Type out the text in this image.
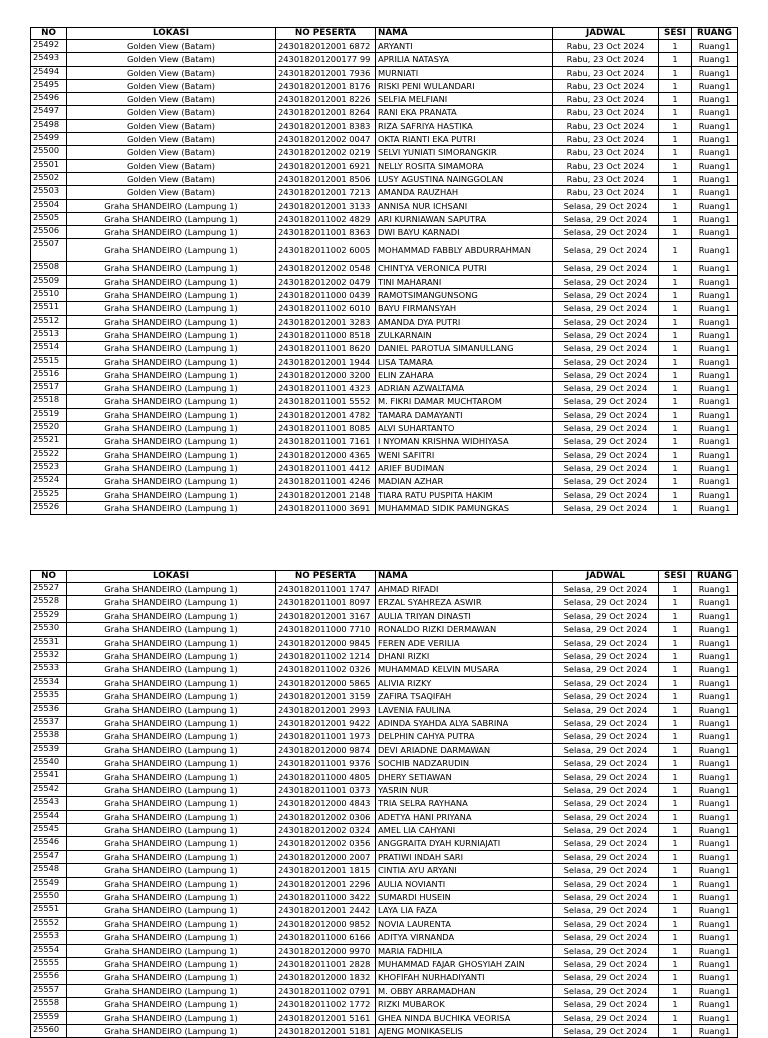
NO	LOKASI	NO PESERTA	NAMA	JADWAL	SESI	RUANG
25492	Golden View (Batam)	2430182012001 6872	ARYANTI	Rabu, 23 Oct 2024	1	Ruang1
25493	Golden View (Batam)	243018201200177 99	APRILIA NATASYA	Rabu, 23 Oct 2024	1	Ruang1
25494	Golden View (Batam)	2430182012001 7936	MURNIATI	Rabu, 23 Oct 2024	1	Ruang1
25495	Golden View (Batam)	2430182012001 8176	RISKI PENI WULANDARI	Rabu, 23 Oct 2024	1	Ruang1
25496	Golden View (Batam)	2430182012001 8226	SELFIA MELFIANI	Rabu, 23 Oct 2024	1	Ruang1
25497	Golden View (Batam)	2430182012001 8264	RANI EKA PRANATA	Rabu, 23 Oct 2024	1	Ruang1
25498	Golden View (Batam)	2430182012001 8383	RIZA SAFRIYA HASTIKA	Rabu, 23 Oct 2024	1	Ruang1
25499	Golden View (Batam)	2430182012002 0047	OKTA RIANTI EKA PUTRI	Rabu, 23 Oct 2024	1	Ruang1
25500	Golden View (Batam)	2430182012002 0219	SELVI YUNIATI SIMORANGKIR	Rabu, 23 Oct 2024	1	Ruang1
25501	Golden View (Batam)	2430182012001 6921	NELLY ROSITA SIMAMORA	Rabu, 23 Oct 2024	1	Ruang1
25502	Golden View (Batam)	2430182012001 8506	LUSY AGUSTINA NAINGGOLAN	Rabu, 23 Oct 2024	1	Ruang1
25503	Golden View (Batam)	2430182012001 7213	AMANDA RAUZHAH	Rabu, 23 Oct 2024	1	Ruang1
25504	Graha SHANDEIRO (Lampung 1)	2430182012001 3133	ANNISA NUR ICHSANI	Selasa, 29 Oct 2024	1	Ruang1
25505	Graha SHANDEIRO (Lampung 1)	2430182011002 4829	ARI KURNIAWAN SAPUTRA	Selasa, 29 Oct 2024	1	Ruang1
25506	Graha SHANDEIRO (Lampung 1)	2430182011001 8363	DWI BAYU KARNADI	Selasa, 29 Oct 2024	1	Ruang1
25507	Graha SHANDEIRO (Lampung 1)	2430182011002 6005	MOHAMMAD FABBLY ABDURRAHMAN	Selasa, 29 Oct 2024	1	Ruang1
25508	Graha SHANDEIRO (Lampung 1)	2430182012002 0548	CHINTYA VERONICA PUTRI	Selasa, 29 Oct 2024	1	Ruang1
25509	Graha SHANDEIRO (Lampung 1)	2430182012002 0479	TINI MAHARANI	Selasa, 29 Oct 2024	1	Ruang1
25510	Graha SHANDEIRO (Lampung 1)	2430182011000 0439	RAMOTSIMANGUNSONG	Selasa, 29 Oct 2024	1	Ruang1
25511	Graha SHANDEIRO (Lampung 1)	2430182011002 6010	BAYU FIRMANSYAH	Selasa, 29 Oct 2024	1	Ruang1
25512	Graha SHANDEIRO (Lampung 1)	2430182012001 3283	AMANDA DYA PUTRI	Selasa, 29 Oct 2024	1	Ruang1
25513	Graha SHANDEIRO (Lampung 1)	2430182011000 8518	ZULKARNAIN	Selasa, 29 Oct 2024	1	Ruang1
25514	Graha SHANDEIRO (Lampung 1)	2430182011001 8620	DANIEL PAROTUA SIMANULLANG	Selasa, 29 Oct 2024	1	Ruang1
25515	Graha SHANDEIRO (Lampung 1)	2430182012001 1944	LISA TAMARA	Selasa, 29 Oct 2024	1	Ruang1
25516	Graha SHANDEIRO (Lampung 1)	2430182012000 3200	ELIN ZAHARA	Selasa, 29 Oct 2024	1	Ruang1
25517	Graha SHANDEIRO (Lampung 1)	2430182011001 4323	ADRIAN AZWALTAMA	Selasa, 29 Oct 2024	1	Ruang1
25518	Graha SHANDEIRO (Lampung 1)	2430182011001 5552	M. FIKRI DAMAR MUCHTAROM	Selasa, 29 Oct 2024	1	Ruang1
25519	Graha SHANDEIRO (Lampung 1)	2430182012001 4782	TAMARA DAMAYANTI	Selasa, 29 Oct 2024	1	Ruang1
25520	Graha SHANDEIRO (Lampung 1)	2430182011001 8085	ALVI SUHARTANTO	Selasa, 29 Oct 2024	1	Ruang1
25521	Graha SHANDEIRO (Lampung 1)	2430182011001 7161	I NYOMAN KRISHNA WIDHIYASA	Selasa, 29 Oct 2024	1	Ruang1
25522	Graha SHANDEIRO (Lampung 1)	2430182012000 4365	WENI SAFITRI	Selasa, 29 Oct 2024	1	Ruang1
25523	Graha SHANDEIRO (Lampung 1)	2430182011001 4412	ARIEF BUDIMAN	Selasa, 29 Oct 2024	1	Ruang1
25524	Graha SHANDEIRO (Lampung 1)	2430182011001 4246	MADIAN AZHAR	Selasa, 29 Oct 2024	1	Ruang1
25525	Graha SHANDEIRO (Lampung 1)	2430182012001 2148	TIARA RATU PUSPITA HAKIM	Selasa, 29 Oct 2024	1	Ruang1
25526	Graha SHANDEIRO (Lampung 1)	2430182011000 3691	MUHAMMAD SIDIK PAMUNGKAS	Selasa, 29 Oct 2024	1	Ruang1
NO	LOKASI	NO PESERTA	NAMA	JADWAL	SESI	RUANG
25527	Graha SHANDEIRO (Lampung 1)	2430182011001 1747	AHMAD RIFADI	Selasa, 29 Oct 2024	1	Ruang1
25528	Graha SHANDEIRO (Lampung 1)	2430182011001 8097	ERZAL SYAHREZA ASWIR	Selasa, 29 Oct 2024	1	Ruang1
25529	Graha SHANDEIRO (Lampung 1)	2430182012001 3167	AULIA TRIYAN DINASTI	Selasa, 29 Oct 2024	1	Ruang1
25530	Graha SHANDEIRO (Lampung 1)	2430182011000 7710	RONALDO RIZKI DERMAWAN	Selasa, 29 Oct 2024	1	Ruang1
25531	Graha SHANDEIRO (Lampung 1)	2430182012000 9845	FEREN ADE VERILIA	Selasa, 29 Oct 2024	1	Ruang1
25532	Graha SHANDEIRO (Lampung 1)	2430182011002 1214	DHANI RIZKI	Selasa, 29 Oct 2024	1	Ruang1
25533	Graha SHANDEIRO (Lampung 1)	2430182011002 0326	MUHAMMAD KELVIN MUSARA	Selasa, 29 Oct 2024	1	Ruang1
25534	Graha SHANDEIRO (Lampung 1)	2430182012000 5865	ALIVIA RIZKY	Selasa, 29 Oct 2024	1	Ruang1
25535	Graha SHANDEIRO (Lampung 1)	2430182012001 3159	ZAFIRA TSAQIFAH	Selasa, 29 Oct 2024	1	Ruang1
25536	Graha SHANDEIRO (Lampung 1)	2430182012001 2993	LAVENIA FAULINA	Selasa, 29 Oct 2024	1	Ruang1
25537	Graha SHANDEIRO (Lampung 1)	2430182012001 9422	ADINDA SYAHDA ALYA SABRINA	Selasa, 29 Oct 2024	1	Ruang1
25538	Graha SHANDEIRO (Lampung 1)	2430182011001 1973	DELPHIN CAHYA PUTRA	Selasa, 29 Oct 2024	1	Ruang1
25539	Graha SHANDEIRO (Lampung 1)	2430182012000 9874	DEVI ARIADNE DARMAWAN	Selasa, 29 Oct 2024	1	Ruang1
25540	Graha SHANDEIRO (Lampung 1)	2430182011001 9376	SOCHIB NADZARUDIN	Selasa, 29 Oct 2024	1	Ruang1
25541	Graha SHANDEIRO (Lampung 1)	2430182011000 4805	DHERY SETIAWAN	Selasa, 29 Oct 2024	1	Ruang1
25542	Graha SHANDEIRO (Lampung 1)	2430182011001 0373	YASRIN NUR	Selasa, 29 Oct 2024	1	Ruang1
25543	Graha SHANDEIRO (Lampung 1)	2430182012000 4843	TRIA SELRA RAYHANA	Selasa, 29 Oct 2024	1	Ruang1
25544	Graha SHANDEIRO (Lampung 1)	2430182012002 0306	ADETYA HANI PRIYANA	Selasa, 29 Oct 2024	1	Ruang1
25545	Graha SHANDEIRO (Lampung 1)	2430182012002 0324	AMEL LIA CAHYANI	Selasa, 29 Oct 2024	1	Ruang1
25546	Graha SHANDEIRO (Lampung 1)	2430182012002 0356	ANGGRAITA DYAH KURNIAJATI	Selasa, 29 Oct 2024	1	Ruang1
25547	Graha SHANDEIRO (Lampung 1)	2430182012000 2007	PRATIWI INDAH SARI	Selasa, 29 Oct 2024	1	Ruang1
25548	Graha SHANDEIRO (Lampung 1)	2430182012001 1815	CINTIA AYU ARYANI	Selasa, 29 Oct 2024	1	Ruang1
25549	Graha SHANDEIRO (Lampung 1)	2430182012001 2296	AULIA NOVIANTI	Selasa, 29 Oct 2024	1	Ruang1
25550	Graha SHANDEIRO (Lampung 1)	2430182011000 3422	SUMARDI HUSEIN	Selasa, 29 Oct 2024	1	Ruang1
25551	Graha SHANDEIRO (Lampung 1)	2430182012001 2442	LAYA LIA FAZA	Selasa, 29 Oct 2024	1	Ruang1
25552	Graha SHANDEIRO (Lampung 1)	2430182012000 9852	NOVIA LAURENTA	Selasa, 29 Oct 2024	1	Ruang1
25553	Graha SHANDEIRO (Lampung 1)	2430182011000 6166	ADITYA VIRNANDA	Selasa, 29 Oct 2024	1	Ruang1
25554	Graha SHANDEIRO (Lampung 1)	2430182012000 9970	MARIA FADHILA	Selasa, 29 Oct 2024	1	Ruang1
25555	Graha SHANDEIRO (Lampung 1)	2430182011001 2828	MUHAMMAD FAJAR GHOSYIAH ZAIN	Selasa, 29 Oct 2024	1	Ruang1
25556	Graha SHANDEIRO (Lampung 1)	2430182012000 1832	KHOFIFAH NURHADIYANTI	Selasa, 29 Oct 2024	1	Ruang1
25557	Graha SHANDEIRO (Lampung 1)	2430182011002 0791	M. OBBY ARRAMADHAN	Selasa, 29 Oct 2024	1	Ruang1
25558	Graha SHANDEIRO (Lampung 1)	2430182011002 1772	RIZKI MUBAROK	Selasa, 29 Oct 2024	1	Ruang1
25559	Graha SHANDEIRO (Lampung 1)	2430182012001 5161	GHEA NINDA BUCHIKA VEORISA	Selasa, 29 Oct 2024	1	Ruang1
25560	Graha SHANDEIRO (Lampung 1)	2430182012001 5181	AJENG MONIKASELIS	Selasa, 29 Oct 2024	1	Ruang1
